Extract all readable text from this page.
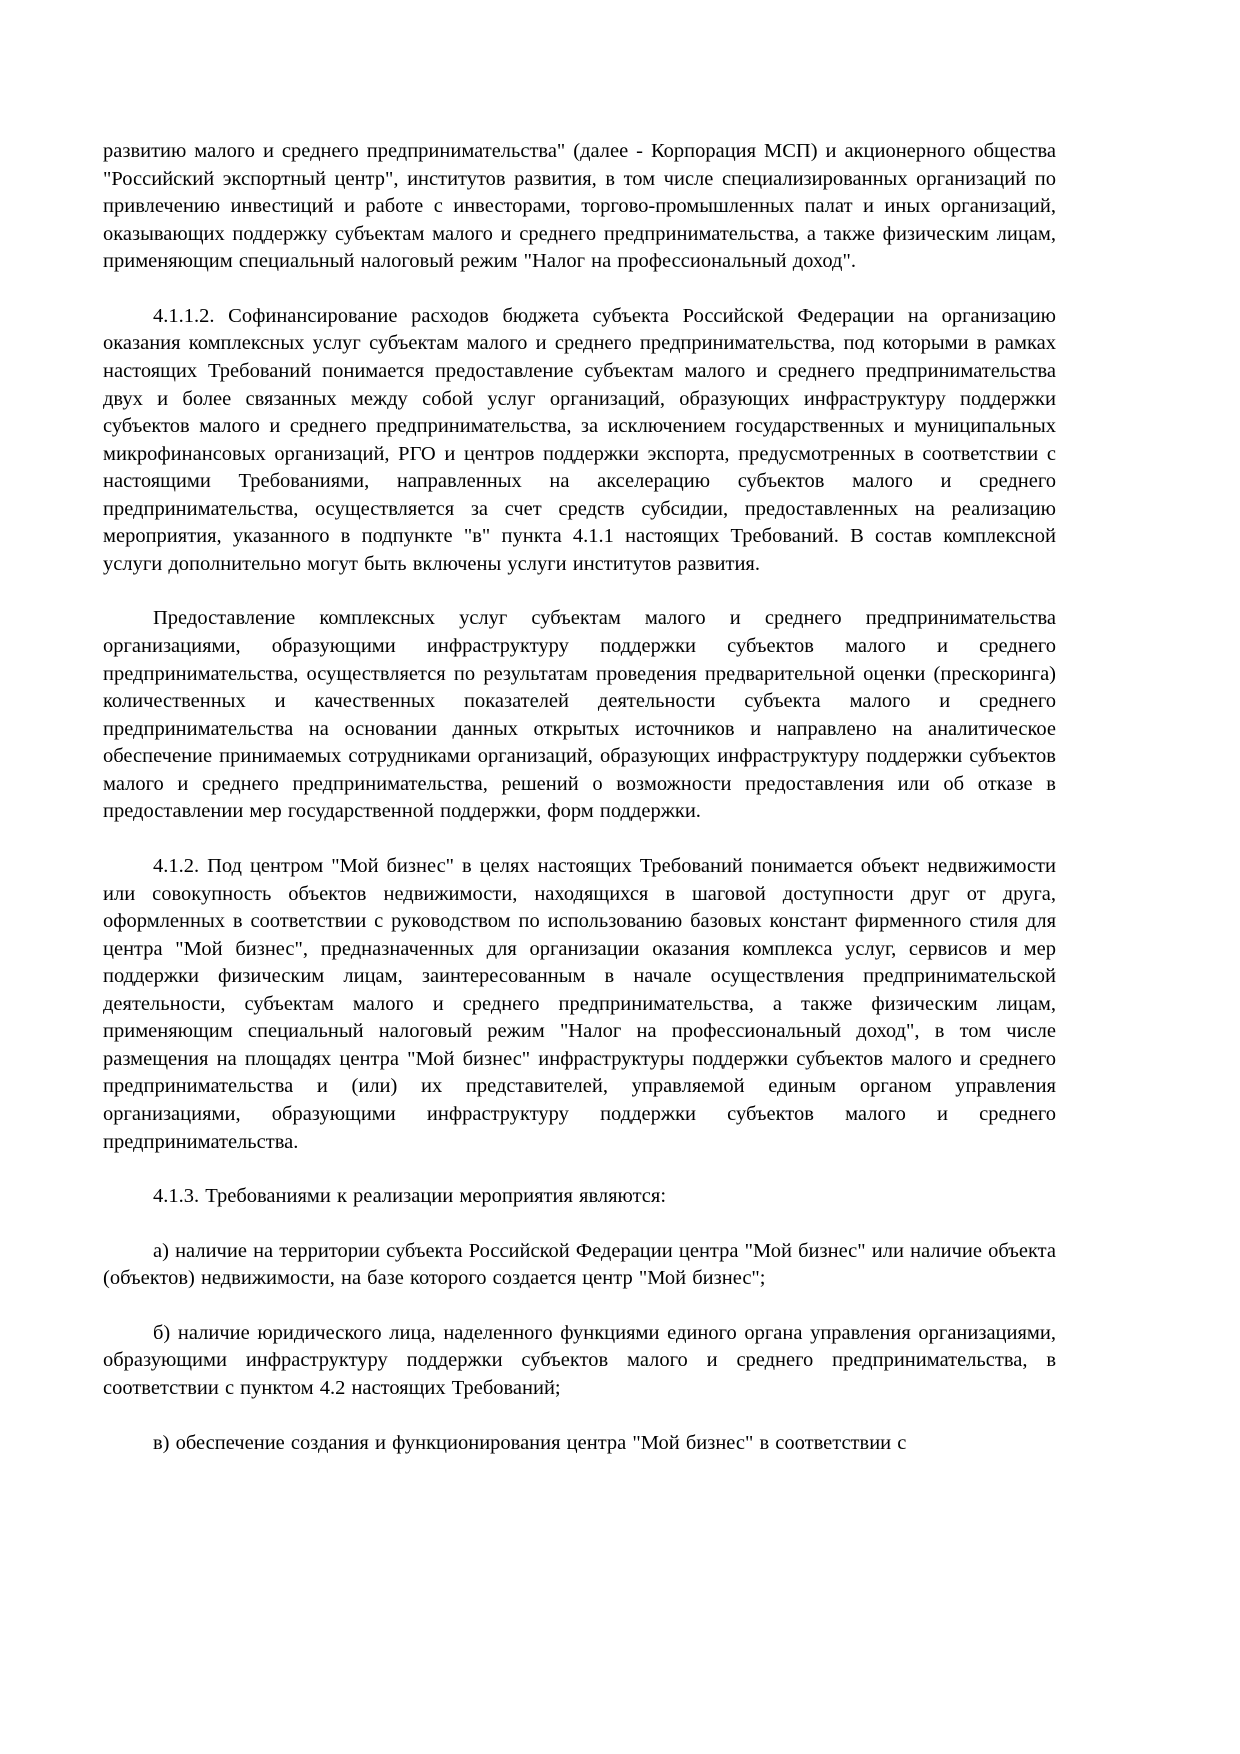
развитию малого и среднего предпринимательства" (далее - Корпорация МСП) и акционерного общества "Российский экспортный центр", институтов развития, в том числе специализированных организаций по привлечению инвестиций и работе с инвесторами, торгово-промышленных палат и иных организаций, оказывающих поддержку субъектам малого и среднего предпринимательства, а также физическим лицам, применяющим специальный налоговый режим "Налог на профессиональный доход".

4.1.1.2. Софинансирование расходов бюджета субъекта Российской Федерации на организацию оказания комплексных услуг субъектам малого и среднего предпринимательства, под которыми в рамках настоящих Требований понимается предоставление субъектам малого и среднего предпринимательства двух и более связанных между собой услуг организаций, образующих инфраструктуру поддержки субъектов малого и среднего предпринимательства, за исключением государственных и муниципальных микрофинансовых организаций, РГО и центров поддержки экспорта, предусмотренных в соответствии с настоящими Требованиями, направленных на акселерацию субъектов малого и среднего предпринимательства, осуществляется за счет средств субсидии, предоставленных на реализацию мероприятия, указанного в подпункте "в" пункта 4.1.1 настоящих Требований. В состав комплексной услуги дополнительно могут быть включены услуги институтов развития.

Предоставление комплексных услуг субъектам малого и среднего предпринимательства организациями, образующими инфраструктуру поддержки субъектов малого и среднего предпринимательства, осуществляется по результатам проведения предварительной оценки (прескоринга) количественных и качественных показателей деятельности субъекта малого и среднего предпринимательства на основании данных открытых источников и направлено на аналитическое обеспечение принимаемых сотрудниками организаций, образующих инфраструктуру поддержки субъектов малого и среднего предпринимательства, решений о возможности предоставления или об отказе в предоставлении мер государственной поддержки, форм поддержки.

4.1.2. Под центром "Мой бизнес" в целях настоящих Требований понимается объект недвижимости или совокупность объектов недвижимости, находящихся в шаговой доступности друг от друга, оформленных в соответствии с руководством по использованию базовых констант фирменного стиля для центра "Мой бизнес", предназначенных для организации оказания комплекса услуг, сервисов и мер поддержки физическим лицам, заинтересованным в начале осуществления предпринимательской деятельности, субъектам малого и среднего предпринимательства, а также физическим лицам, применяющим специальный налоговый режим "Налог на профессиональный доход", в том числе размещения на площадях центра "Мой бизнес" инфраструктуры поддержки субъектов малого и среднего предпринимательства и (или) их представителей, управляемой единым органом управления организациями, образующими инфраструктуру поддержки субъектов малого и среднего предпринимательства.

4.1.3. Требованиями к реализации мероприятия являются:

а) наличие на территории субъекта Российской Федерации центра "Мой бизнес" или наличие объекта (объектов) недвижимости, на базе которого создается центр "Мой бизнес";

б) наличие юридического лица, наделенного функциями единого органа управления организациями, образующими инфраструктуру поддержки субъектов малого и среднего предпринимательства, в соответствии с пунктом 4.2 настоящих Требований;

в) обеспечение создания и функционирования центра "Мой бизнес" в соответствии с
